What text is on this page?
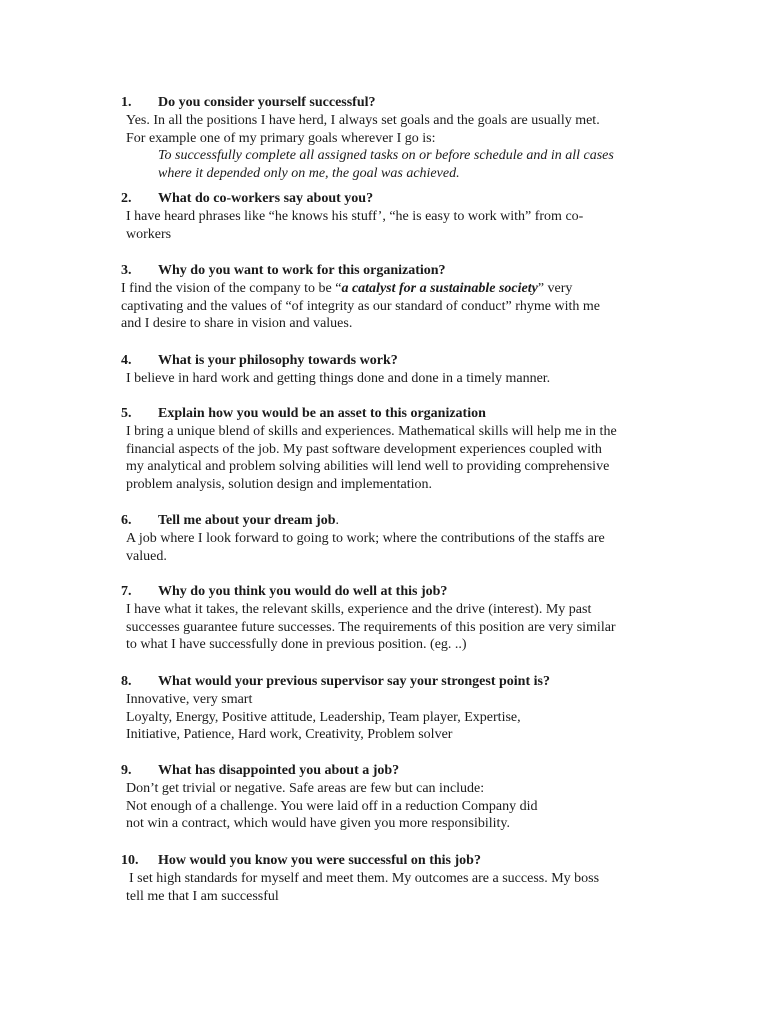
1.	Do you consider yourself successful?
Yes. In all the positions I have herd, I always set goals and the goals are usually met.
For example one of my primary goals wherever I go is:
To successfully complete all assigned tasks on or before schedule and in all cases
where it depended only on me, the goal was achieved.
2.	What do co-workers say about you?
I have heard phrases like “he knows his stuff’, “he is easy to work with” from co-
workers
3.	Why do you want to work for this organization?
I find the vision of the company to be “a catalyst for a sustainable society” very
captivating and the values of “of integrity as our standard of conduct” rhyme with me
and I desire to share in vision and values.
4.	What is your philosophy towards work?
I believe in hard work and getting things done and done in a timely manner.
5.	Explain how you would be an asset to this organization
I bring a unique blend of skills and experiences. Mathematical skills will help me in the
financial aspects of the job. My past software development experiences coupled with
my analytical and problem solving abilities will lend well to providing comprehensive
problem analysis, solution design and implementation.
6.	Tell me about your dream job.
A job where I look forward to going to work; where the contributions of the staffs are
valued.
7.	Why do you think you would do well at this job?
I have what it takes, the relevant skills, experience and the drive (interest). My past
successes guarantee future successes. The requirements of this position are very similar
to what I have successfully done in previous position. (eg. ..)
8.	What would your previous supervisor say your strongest point is?
Innovative, very smart
Loyalty, Energy, Positive attitude, Leadership, Team player, Expertise,
Initiative, Patience, Hard work, Creativity, Problem solver
9.	What has disappointed you about a job?
Don’t get trivial or negative. Safe areas are few but can include:
Not enough of a challenge. You were laid off in a reduction Company did
not win a contract, which would have given you more responsibility.
10.	How would you know you were successful on this job?
I set high standards for myself and meet them. My outcomes are a success. My boss
tell me that I am successful
